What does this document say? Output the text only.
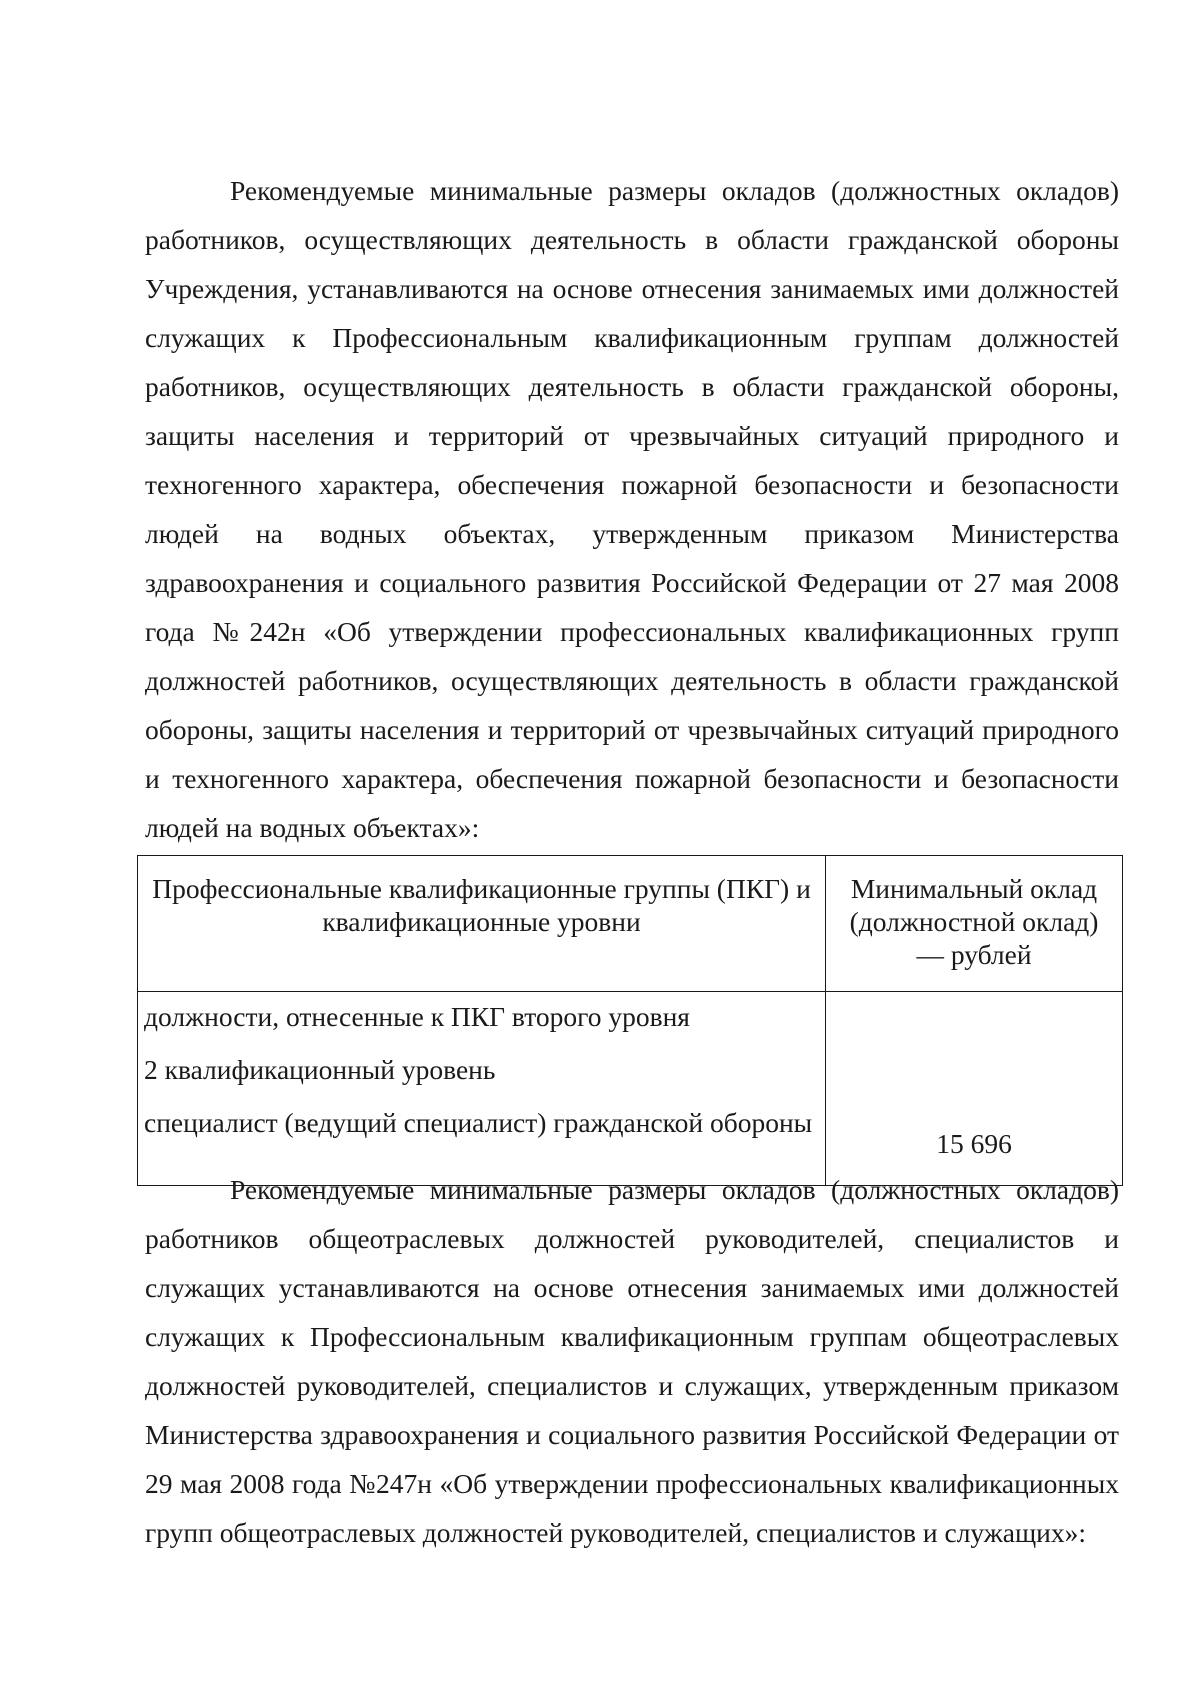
Рекомендуемые минимальные размеры окладов (должностных окладов) работников, осуществляющих деятельность в области гражданской обороны Учреждения, устанавливаются на основе отнесения занимаемых ими должностей служащих к Профессиональным квалификационным группам должностей работников, осуществляющих деятельность в области гражданской обороны, защиты населения и территорий от чрезвычайных ситуаций природного и техногенного характера, обеспечения пожарной безопасности и безопасности людей на водных объектах, утвержденным приказом Министерства здравоохранения и социального развития Российской Федерации от 27 мая 2008 года №242н «Об утверждении профессиональных квалификационных групп должностей работников, осуществляющих деятельность в области гражданской обороны, защиты населения и территорий от чрезвычайных ситуаций природного и техногенного характера, обеспечения пожарной безопасности и безопасности людей на водных объектах»:

Профессиональные квалификационные группы (ПКГ) и квалификационные уровни	Минимальный оклад (должностной оклад) — рублей

должности, отнесенные к ПКГ второго уровня
2 квалификационный уровень
специалист (ведущий специалист) гражданской обороны	15 696

Рекомендуемые минимальные размеры окладов (должностных окладов) работников общеотраслевых должностей руководителей, специалистов и служащих устанавливаются на основе отнесения занимаемых ими должностей служащих к Профессиональным квалификационным группам общеотраслевых должностей руководителей, специалистов и служащих, утвержденным приказом Министерства здравоохранения и социального развития Российской Федерации от 29 мая 2008 года №247н «Об утверждении профессиональных квалификационных групп общеотраслевых должностей руководителей, специалистов и служащих»:
